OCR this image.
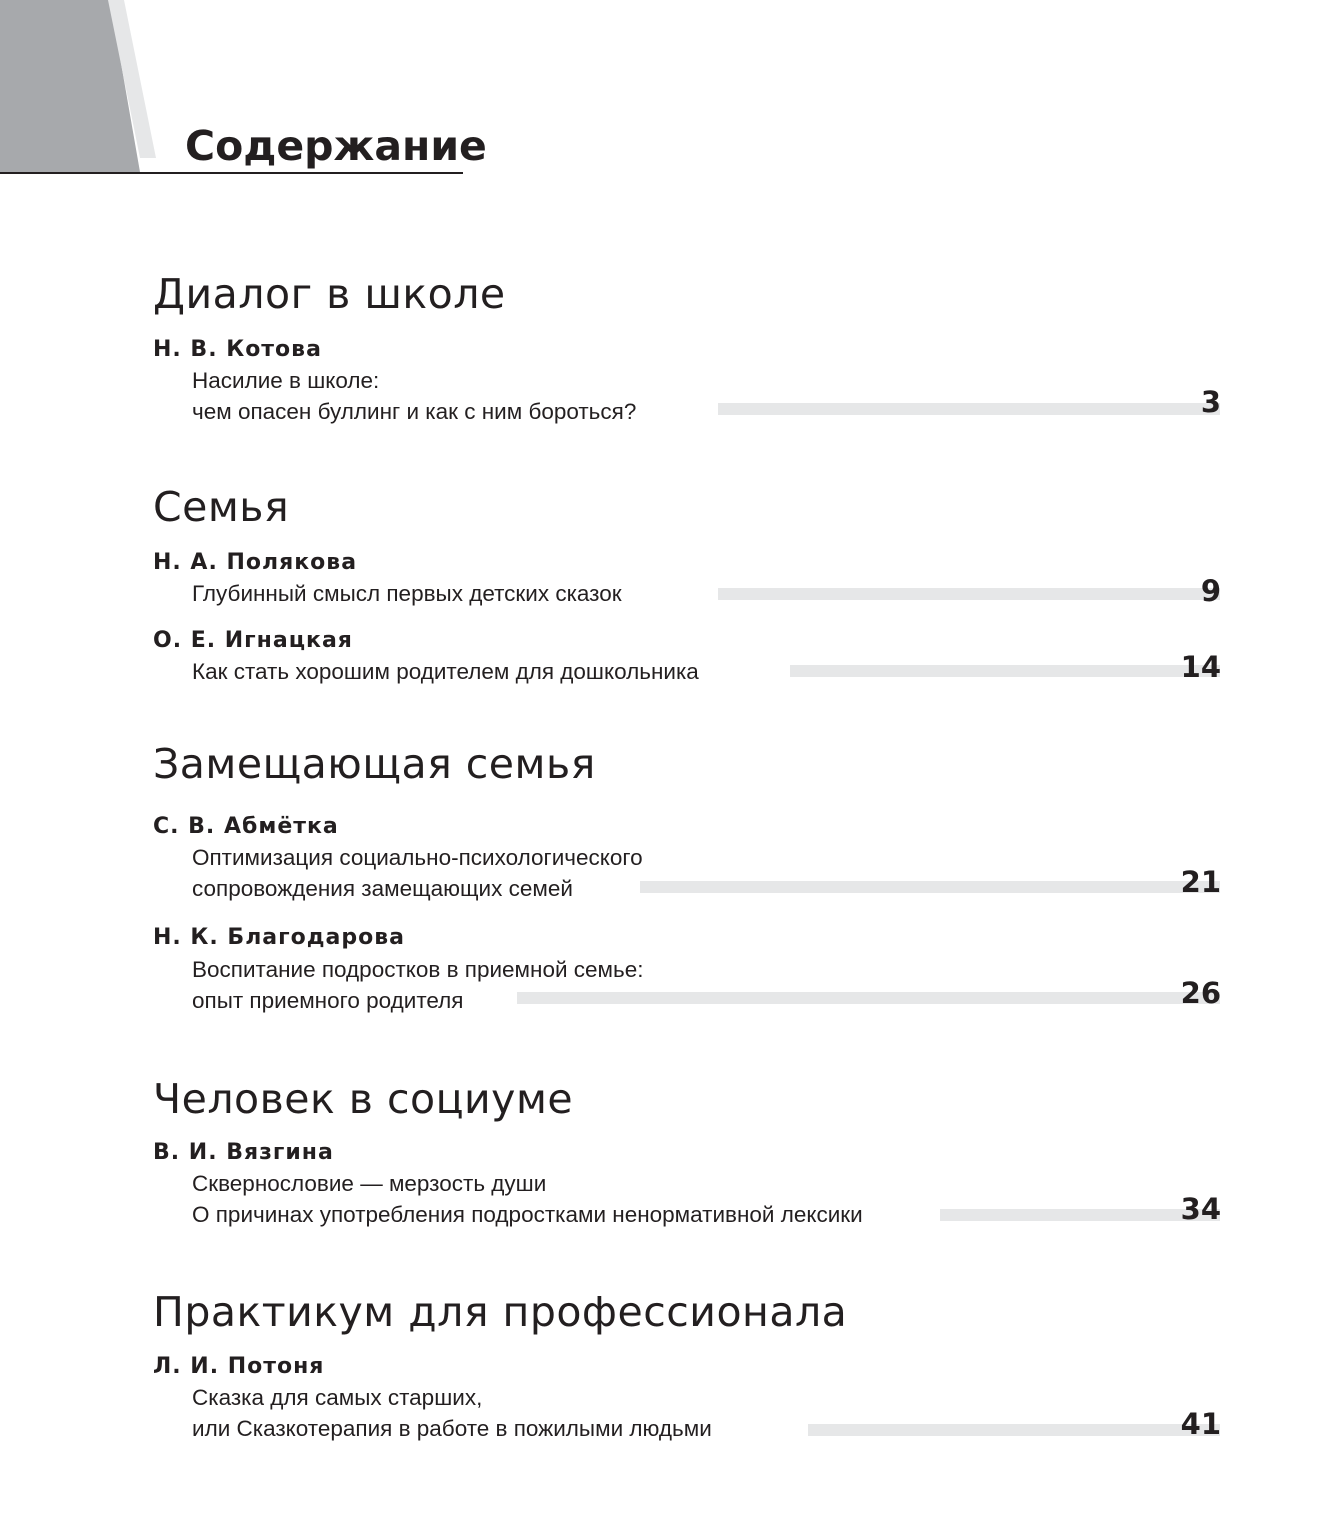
Содержание
Диалог в школе
Н. В. Котова
Насилие в школе:
чем опасен буллинг и как с ним бороться?	3
Семья
Н. А. Полякова
Глубинный смысл первых детских сказок	9
О. Е. Игнацкая
Как стать хорошим родителем для дошкольника	14
Замещающая семья
С. В. Абмётка
Оптимизация социально-психологического
сопровождения замещающих семей	21
Н. К. Благодарова
Воспитание подростков в приемной семье:
опыт приемного родителя	26
Человек в социуме
В. И. Вязгина
Сквернословие — мерзость души
О причинах употребления подростками ненормативной лексики	34
Практикум для профессионала
Л. И. Потоня
Сказка для самых старших,
или Сказкотерапия в работе в пожилыми людьми	41
